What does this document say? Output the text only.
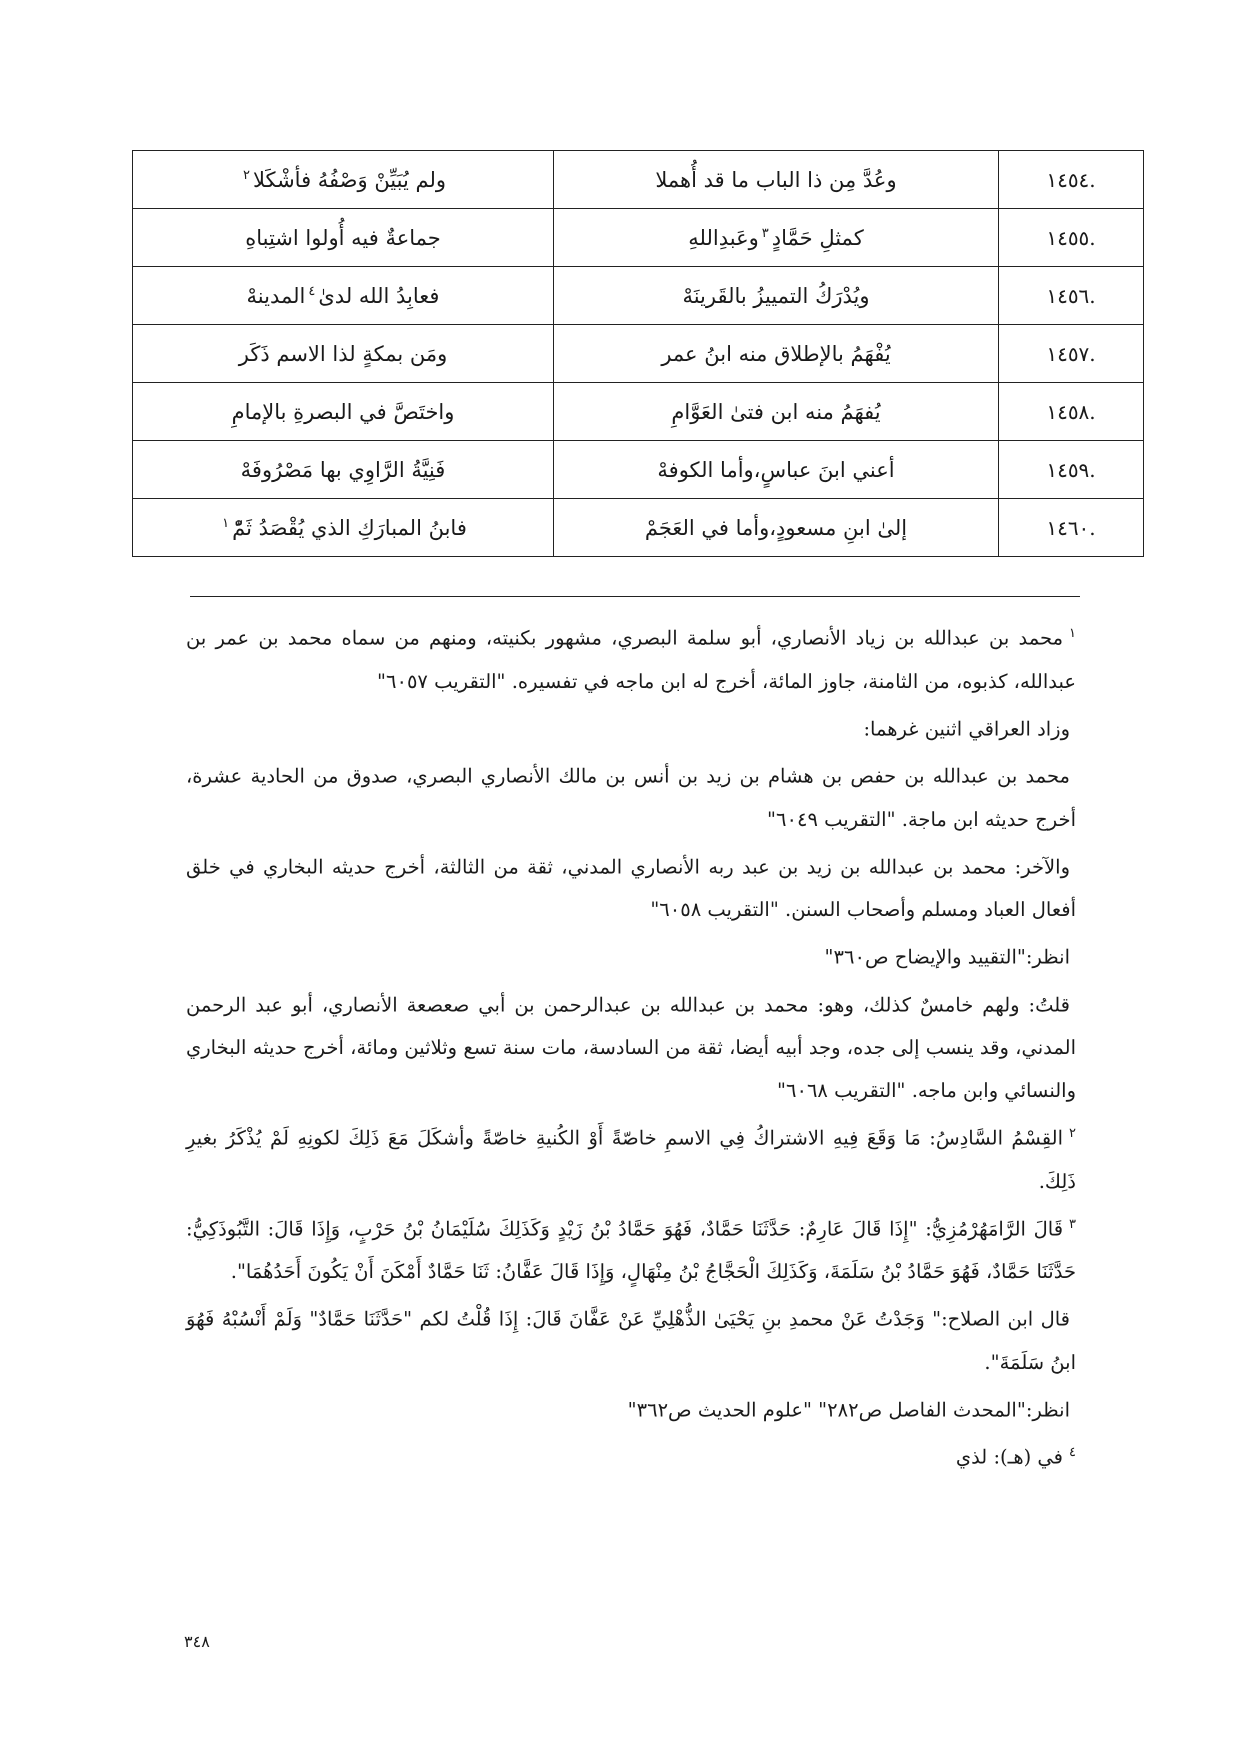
.١٤٥٤	وعُدَّ مِن ذا الباب ما قد أُهملا	ولم يُبَيِّنْ وَصْفُهُ فأشْكَلا$^٢$
.١٤٥٥	كمثلِ حَمَّادٍ$^٣$وعَبدِاللهِ	جماعةٌ فيه أُولوا اشتِباهِ
.١٤٥٦	ويُدْرَكُ التمييزُ بالقَرينَهْ	فعابِدُ الله لدىٰ$^٤$المدينهْ
.١٤٥٧	يُفْهَمُ بالإطلاق منه ابنُ عمر	ومَن بمكةٍ لذا الاسم ذَكَر
.١٤٥٨	يُفهَمُ منه ابن فتىٰ العَوَّامِ	واختَصَّ في البصرةِ بالإمامِ
.١٤٥٩	أعني ابنَ عباسٍ،وأما الكوفهْ	فَنِيَّةُ الرَّاوِي بها مَصْرُوفَهْ
.١٤٦٠	إلىٰ ابنِ مسعودٍ،وأما في العَجَمْ	فابنُ المبارَكِ الذي يُقْصَدُ ثَمّْ$^١$

$^١$محمد بن عبدالله بن زياد الأنصاري، أبو سلمة البصري، مشهور بكنيته، ومنهم من سماه محمد بن عمر بن عبدالله، كذبوه، من الثامنة، جاوز المائة، أخرج له ابن ماجه في تفسيره. "التقريب ٦٠٥٧"

وزاد العراقي اثنين غرهما:

محمد بن عبدالله بن حفص بن هشام بن زيد بن أنس بن مالك الأنصاري البصري، صدوق من الحادية عشرة، أخرج حديثه ابن ماجة. "التقريب ٦٠٤٩"

والآخر: محمد بن عبدالله بن زيد بن عبد ربه الأنصاري المدني، ثقة من الثالثة، أخرج حديثه البخاري في خلق أفعال العباد ومسلم وأصحاب السنن. "التقريب ٦٠٥٨"

انظر:"التقييد والإيضاح ص٣٦٠"

قلتُ: ولهم خامسٌ كذلك، وهو: محمد بن عبدالله بن عبدالرحمن بن أبي صعصعة الأنصاري، أبو عبد الرحمن المدني، وقد ينسب إلى جده، وجد أبيه أيضا، ثقة من السادسة، مات سنة تسع وثلاثين ومائة، أخرج حديثه البخاري والنسائي وابن ماجه. "التقريب ٦٠٦٨"

$^٢$القِسْمُ السَّادِسُ: مَا وَقَعَ فِيهِ الاشتراكُ فِي الاسمِ خاصّةً أَوْ الكُنيةِ خاصّةً وأشكَلَ مَعَ ذَلِكَ لكونِهِ لَمْ يُذْكَرُ بغيرِ ذَلِكَ.

$^٣$قَالَ الرَّامَهُرْمُزِيُّ: "إِذَا قَالَ عَارِمٌ: حَدَّثَنَا حَمَّادٌ، فَهُوَ حَمَّادُ بْنُ زَيْدٍ وَكَذَلِكَ سُلَيْمَانُ بْنُ حَرْبٍ، وَإِذَا قَالَ: التَّبُوذَكِيُّ: حَدَّثَنَا حَمَّادٌ، فَهُوَ حَمَّادُ بْنُ سَلَمَةَ، وَكَذَلِكَ الْحَجَّاجُ بْنُ مِنْهَالٍ، وَإِذَا قَالَ عَفَّانُ: ثَنَا حَمَّادٌ أَمْكَنَ أَنْ يَكُونَ أَحَدُهُمَا".

قال ابن الصلاح:" وَجَدْتُ عَنْ محمدِ بنِ يَحْيَىٰ الذُّهْلِيِّ عَنْ عَفَّانَ قَالَ: إِذَا قُلْتُ لكم "حَدَّثَنَا حَمَّادٌ" وَلَمْ أَنْسُبْهُ فَهُوَ ابنُ سَلَمَةَ".

انظر:"المحدث الفاصل ص٢٨٢" "علوم الحديث ص٣٦٢"

$^٤$في (هـ): لذي

٣٤٨
